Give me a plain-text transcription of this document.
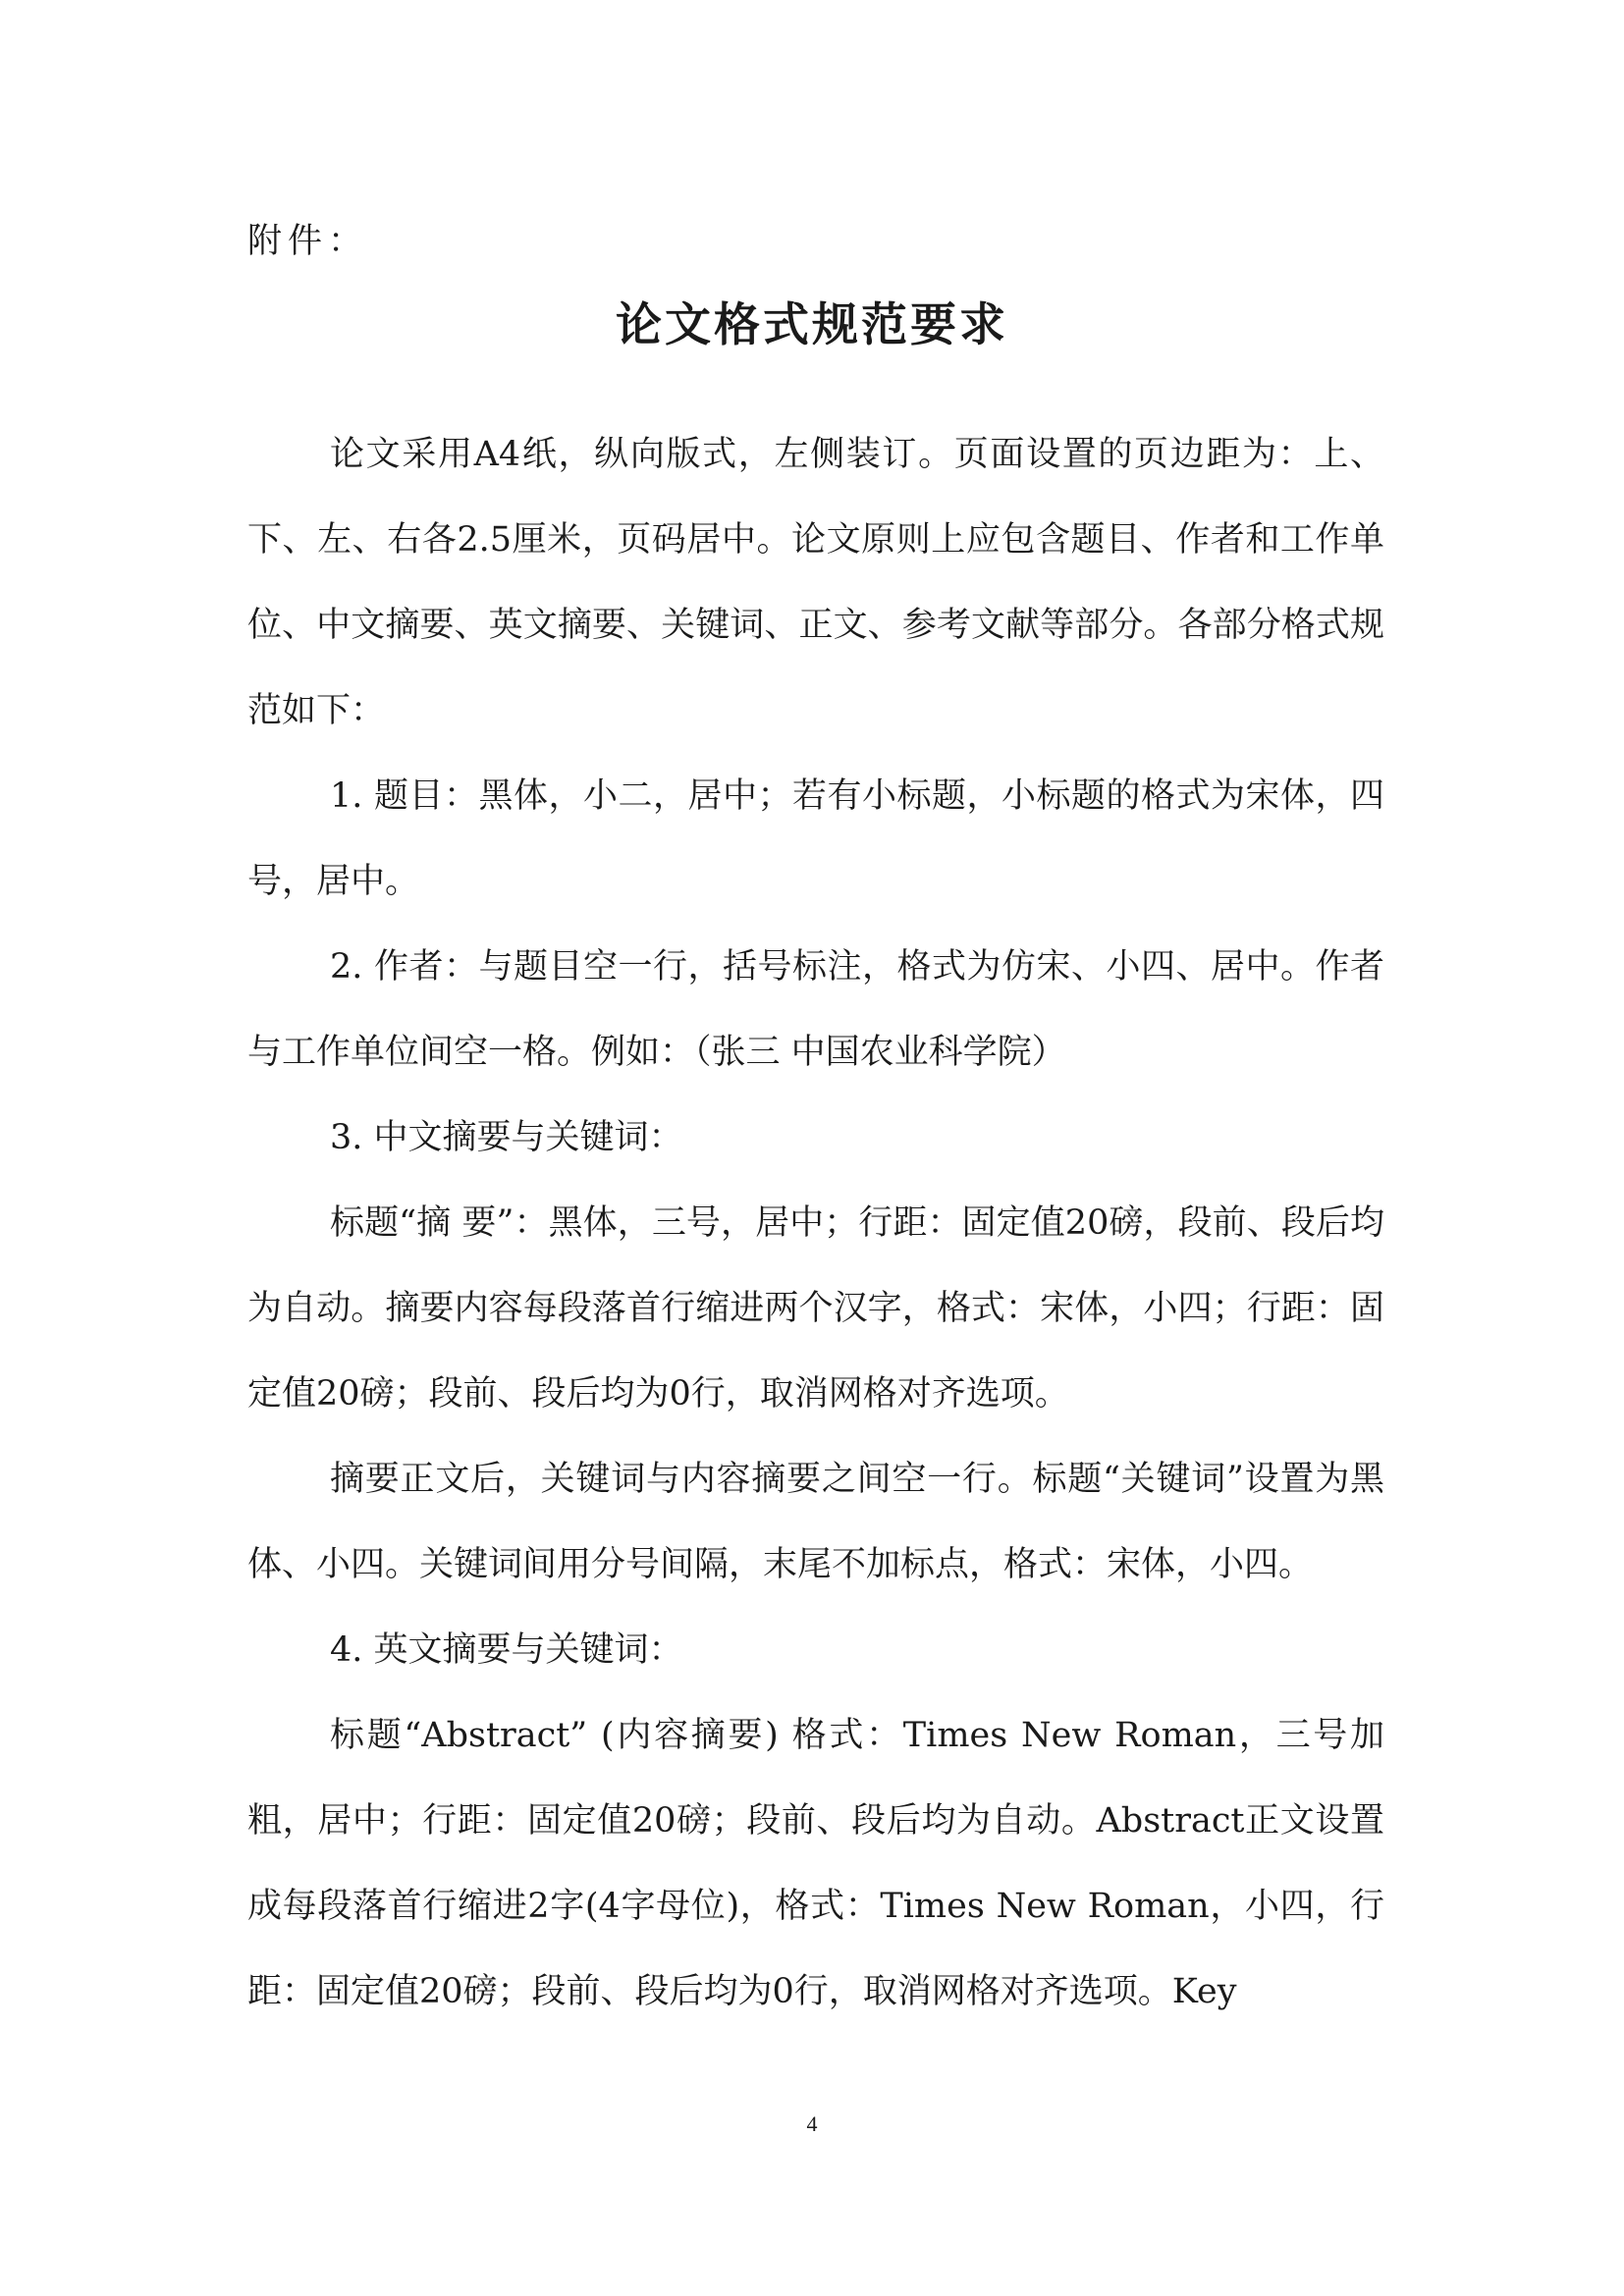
附件：
论文格式规范要求

论文采用A4纸，纵向版式，左侧装订。页面设置的页边距为：上、下、左、右各2.5厘米，页码居中。论文原则上应包含题目、作者和工作单位、中文摘要、英文摘要、关键词、正文、参考文献等部分。各部分格式规范如下：

1. 题目：黑体，小二，居中；若有小标题，小标题的格式为宋体，四号，居中。

2. 作者：与题目空一行，括号标注，格式为仿宋、小四、居中。作者与工作单位间空一格。例如：（张三 中国农业科学院）

3. 中文摘要与关键词：

标题“摘 要”：黑体，三号，居中；行距：固定值20磅，段前、段后均为自动。摘要内容每段落首行缩进两个汉字，格式：宋体，小四；行距：固定值20磅；段前、段后均为0行，取消网格对齐选项。

摘要正文后，关键词与内容摘要之间空一行。标题“关键词”设置为黑体、小四。关键词间用分号间隔，末尾不加标点，格式：宋体，小四。

4. 英文摘要与关键词：

标题“Abstract” (内容摘要) 格式：Times New Roman，三号加粗，居中；行距：固定值20磅；段前、段后均为自动。Abstract正文设置成每段落首行缩进2字(4字母位)，格式：Times New Roman，小四，行距：固定值20磅；段前、段后均为0行，取消网格对齐选项。Key

4
